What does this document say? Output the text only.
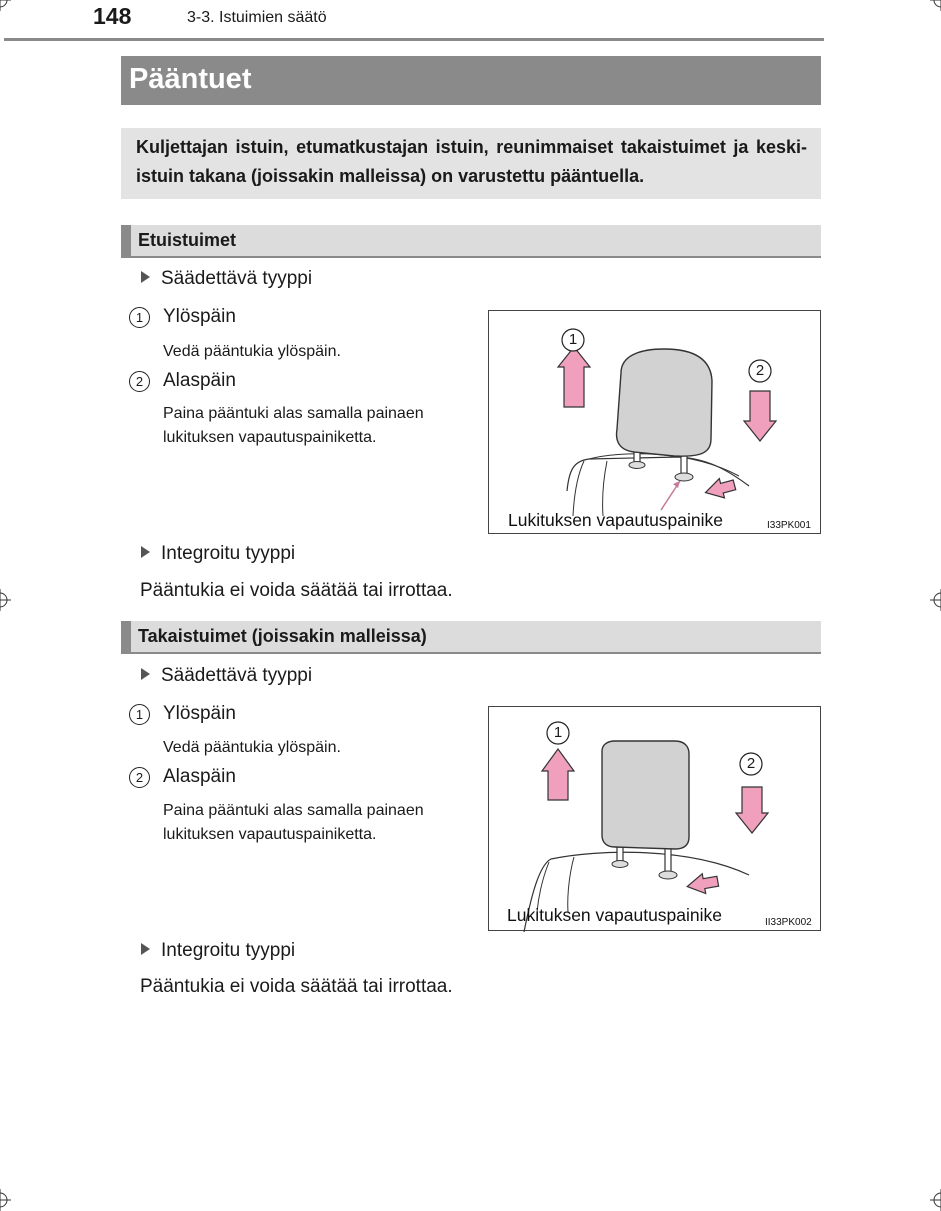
148	3-3. Istuimien säätö
Pääntuet
Kuljettajan istuin, etumatkustajan istuin, reunimmaiset takaistuimet ja keski-istuin takana (joissakin malleissa) on varustettu pääntuella.
Etuistuimet
Säädettävä tyyppi
1	Ylöspäin
Vedä pääntukia ylöspäin.
2	Alaspäin
Paina pääntuki alas samalla painaen
lukituksen vapautuspainiketta.
1
2
Lukituksen vapautuspainike	I33PK001
Integroitu tyyppi
Pääntukia ei voida säätää tai irrottaa.
Takaistuimet (joissakin malleissa)
Säädettävä tyyppi
1	Ylöspäin
Vedä pääntukia ylöspäin.
2	Alaspäin
Paina pääntuki alas samalla painaen
lukituksen vapautuspainiketta.
1
2
Lukituksen vapautuspainike	II33PK002
Integroitu tyyppi
Pääntukia ei voida säätää tai irrottaa.
